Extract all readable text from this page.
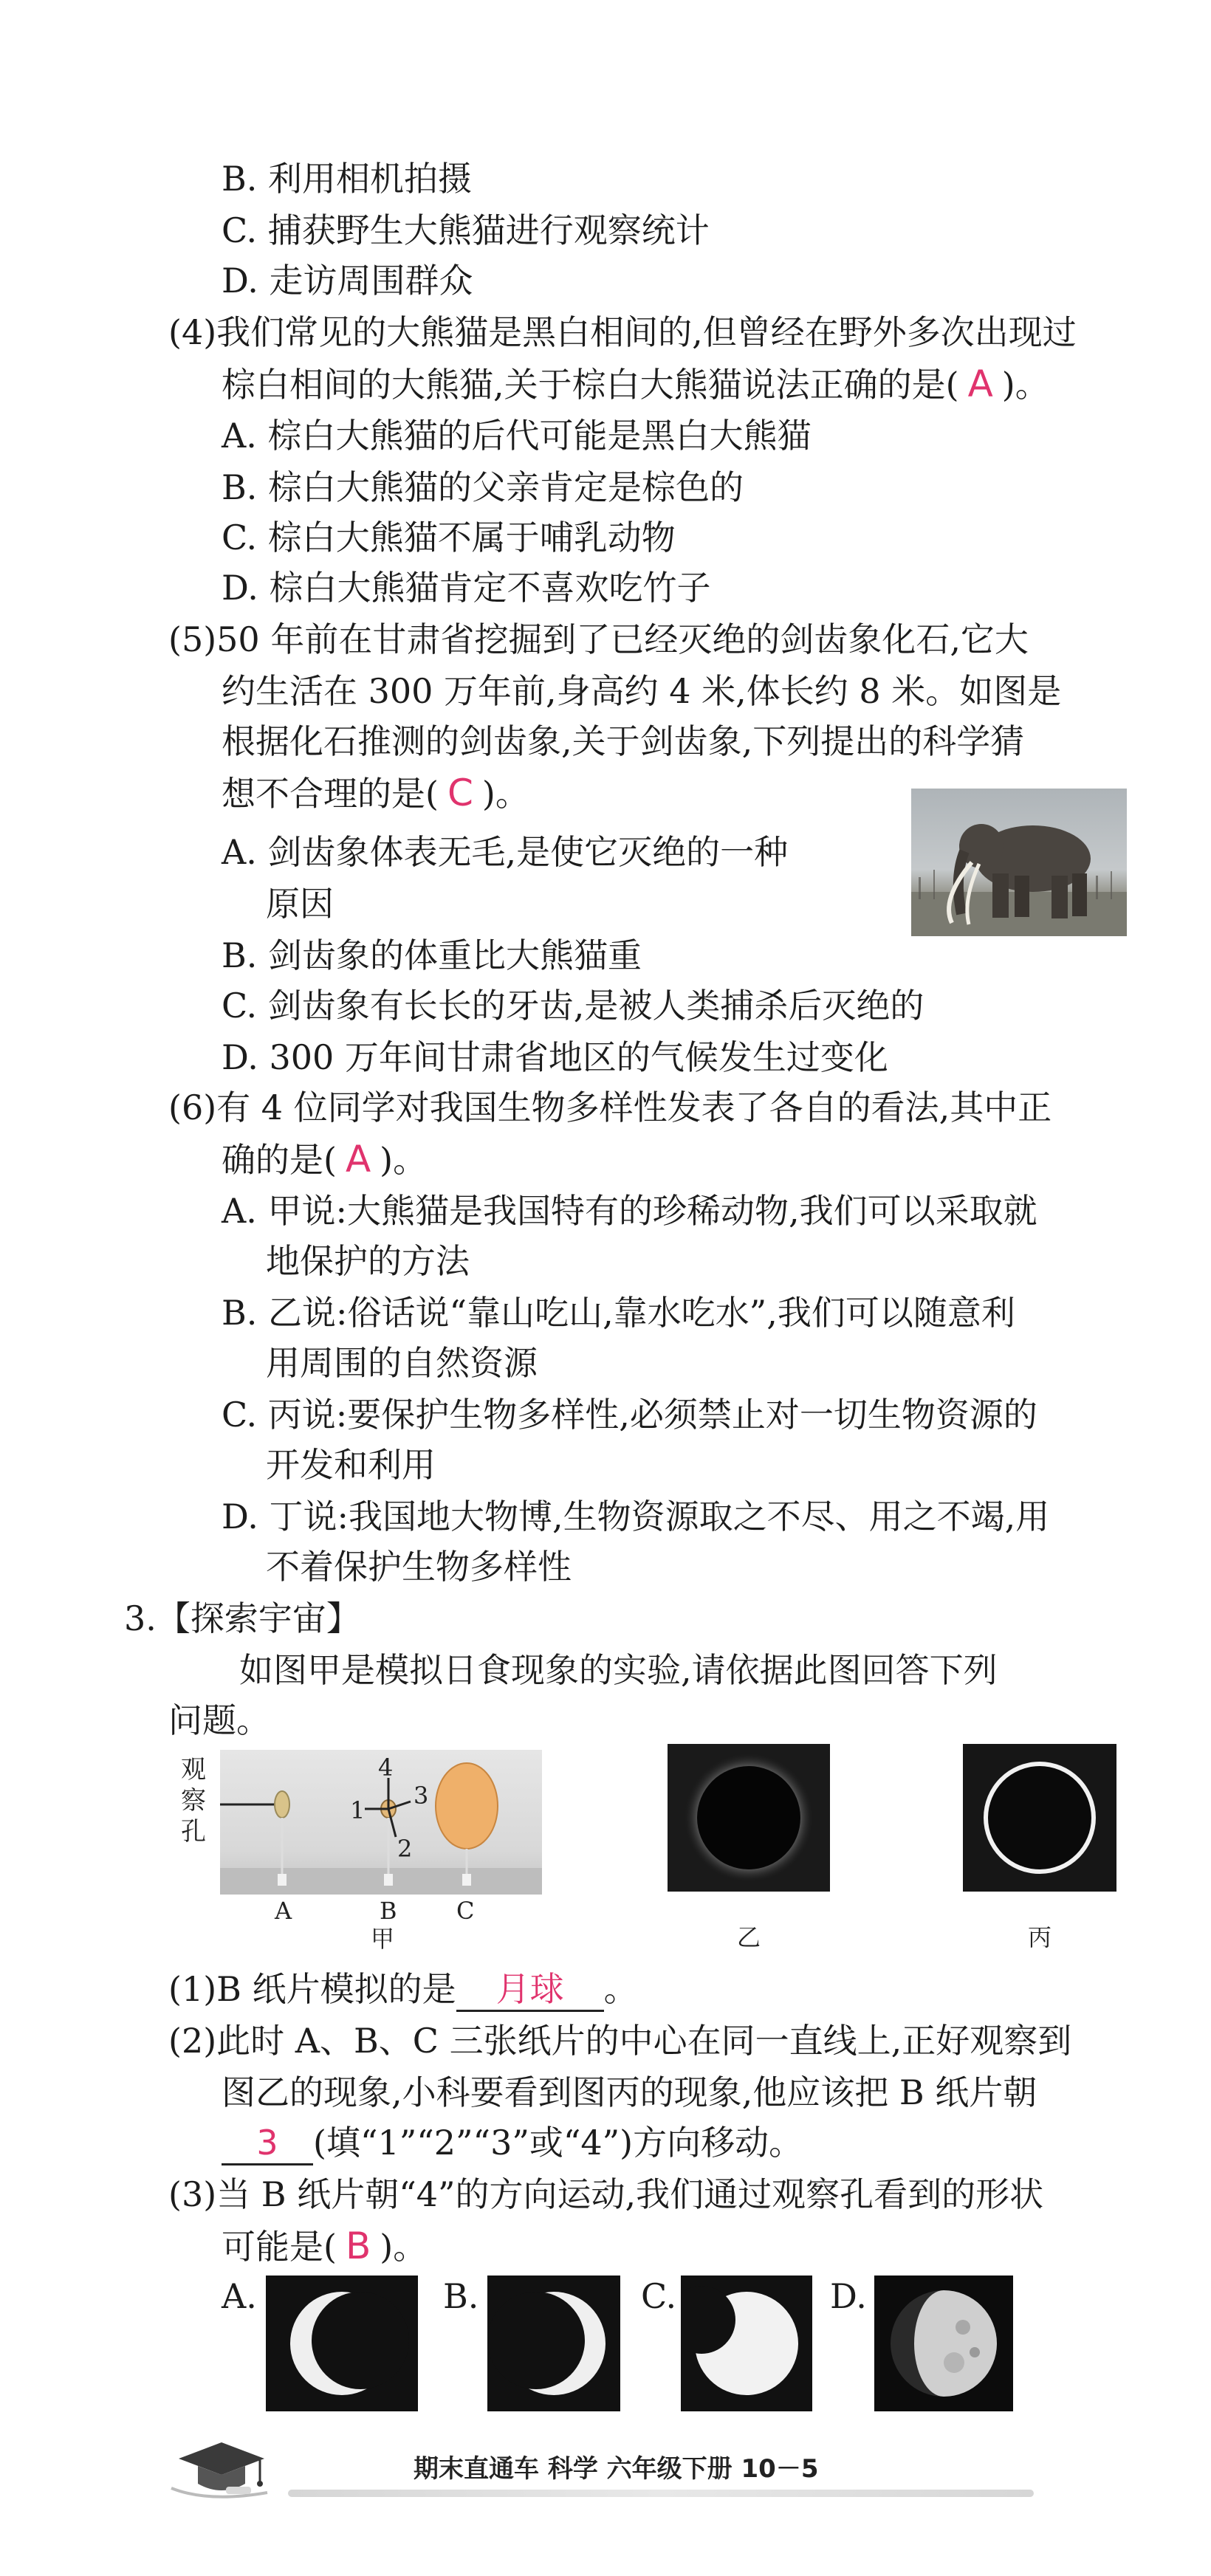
B. 利用相机拍摄
C. 捕获野生大熊猫进行观察统计
D. 走访周围群众
(4)我们常见的大熊猫是黑白相间的,但曾经在野外多次出现过
棕白相间的大熊猫,关于棕白大熊猫说法正确的是( A )。
A. 棕白大熊猫的后代可能是黑白大熊猫
B. 棕白大熊猫的父亲肯定是棕色的
C. 棕白大熊猫不属于哺乳动物
D. 棕白大熊猫肯定不喜欢吃竹子
(5)50 年前在甘肃省挖掘到了已经灭绝的剑齿象化石,它大
约生活在 300 万年前,身高约 4 米,体长约 8 米。如图是
根据化石推测的剑齿象,关于剑齿象,下列提出的科学猜
想不合理的是( C )。
A. 剑齿象体表无毛,是使它灭绝的一种
原因
B. 剑齿象的体重比大熊猫重
C. 剑齿象有长长的牙齿,是被人类捕杀后灭绝的
D. 300 万年间甘肃省地区的气候发生过变化
(6)有 4 位同学对我国生物多样性发表了各自的看法,其中正
确的是( A )。
A. 甲说:大熊猫是我国特有的珍稀动物,我们可以采取就
地保护的方法
B. 乙说:俗话说“靠山吃山,靠水吃水”,我们可以随意利
用周围的自然资源
C. 丙说:要保护生物多样性,必须禁止对一切生物资源的
开发和利用
D. 丁说:我国地大物博,生物资源取之不尽、用之不竭,用
不着保护生物多样性
3.【探索宇宙】
如图甲是模拟日食现象的实验,请依据此图回答下列
问题。
观察孔
4
3
1
2
A	B	C
甲	乙	丙
(1)B 纸片模拟的是 月球 。
(2)此时 A、B、C 三张纸片的中心在同一直线上,正好观察到
图乙的现象,小科要看到图丙的现象,他应该把 B 纸片朝
3 (填“1”“2”“3”或“4”)方向移动。
(3)当 B 纸片朝“4”的方向运动,我们通过观察孔看到的形状
可能是( B )。
A.	B.	C.	D.
期末直通车 科学 六年级下册 10－5
